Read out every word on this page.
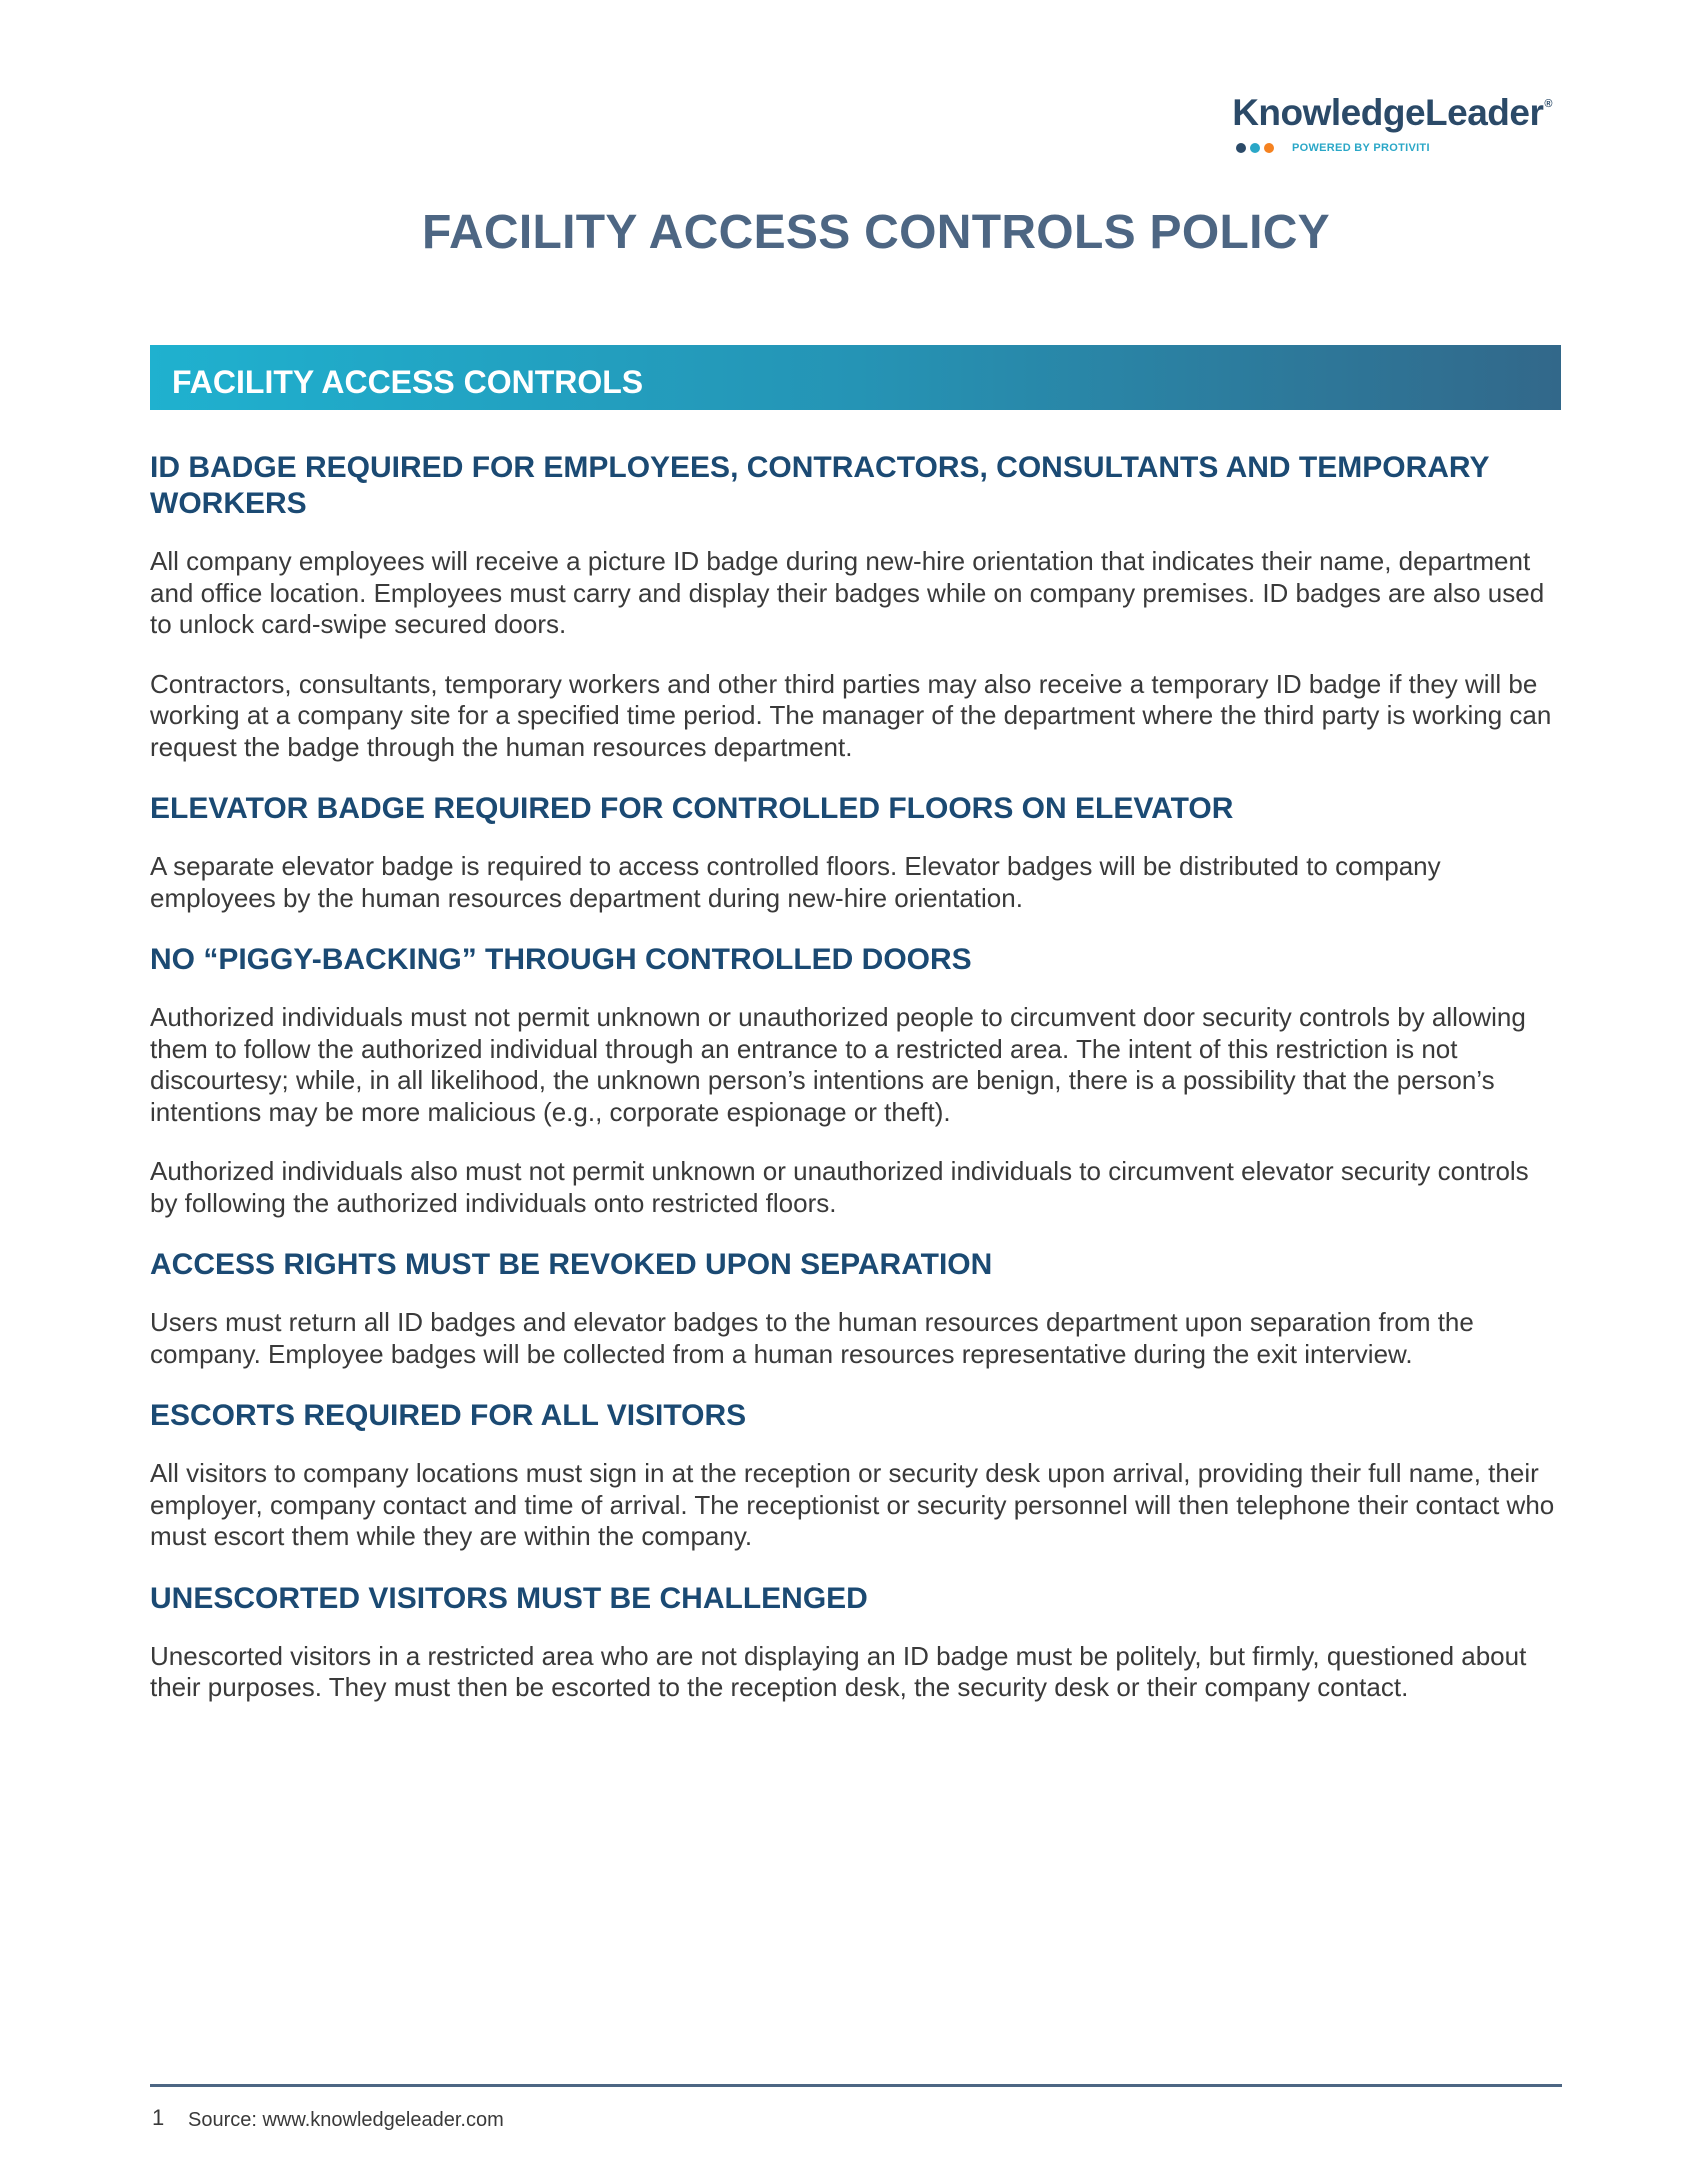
KnowledgeLeader®
POWERED BY PROTIVITI
FACILITY ACCESS CONTROLS POLICY
FACILITY ACCESS CONTROLS
ID BADGE REQUIRED FOR EMPLOYEES, CONTRACTORS, CONSULTANTS AND TEMPORARY WORKERS

All company employees will receive a picture ID badge during new-hire orientation that indicates their name, department and office location. Employees must carry and display their badges while on company premises. ID badges are also used to unlock card-swipe secured doors.

Contractors, consultants, temporary workers and other third parties may also receive a temporary ID badge if they will be working at a company site for a specified time period. The manager of the department where the third party is working can request the badge through the human resources department.

ELEVATOR BADGE REQUIRED FOR CONTROLLED FLOORS ON ELEVATOR

A separate elevator badge is required to access controlled floors. Elevator badges will be distributed to company employees by the human resources department during new-hire orientation.

NO “PIGGY-BACKING” THROUGH CONTROLLED DOORS

Authorized individuals must not permit unknown or unauthorized people to circumvent door security controls by allowing them to follow the authorized individual through an entrance to a restricted area. The intent of this restriction is not discourtesy; while, in all likelihood, the unknown person’s intentions are benign, there is a possibility that the person’s intentions may be more malicious (e.g., corporate espionage or theft).

Authorized individuals also must not permit unknown or unauthorized individuals to circumvent elevator security controls by following the authorized individuals onto restricted floors.

ACCESS RIGHTS MUST BE REVOKED UPON SEPARATION

Users must return all ID badges and elevator badges to the human resources department upon separation from the company. Employee badges will be collected from a human resources representative during the exit interview.

ESCORTS REQUIRED FOR ALL VISITORS

All visitors to company locations must sign in at the reception or security desk upon arrival, providing their full name, their employer, company contact and time of arrival. The receptionist or security personnel will then telephone their contact who must escort them while they are within the company.

UNESCORTED VISITORS MUST BE CHALLENGED

Unescorted visitors in a restricted area who are not displaying an ID badge must be politely, but firmly, questioned about their purposes. They must then be escorted to the reception desk, the security desk or their company contact.

1 Source: www.knowledgeleader.com
